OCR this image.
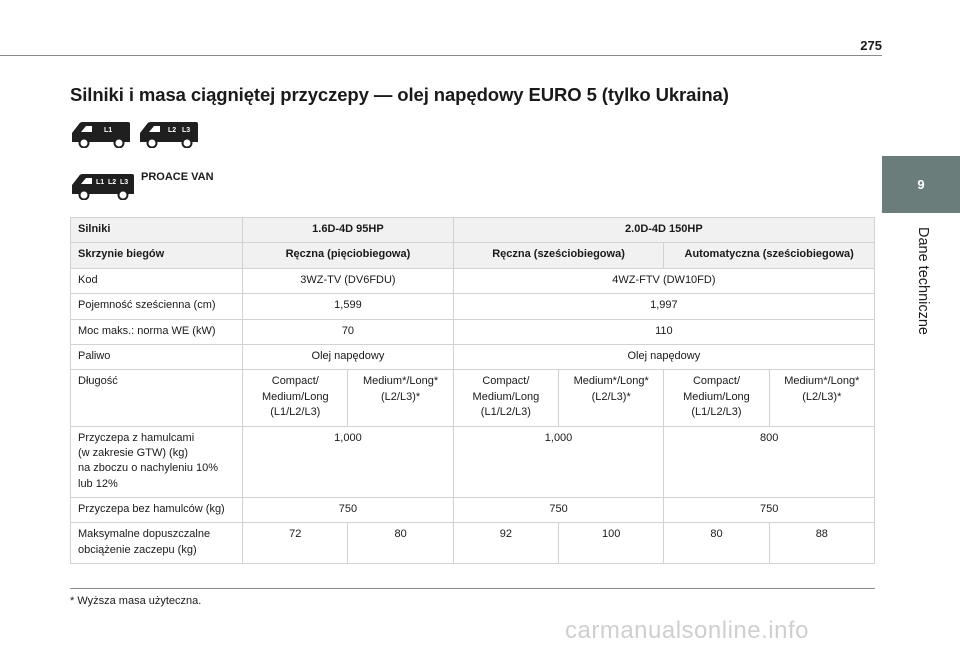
275
Silniki i masa ciągniętej przyczepy — olej napędowy EURO 5 (tylko Ukraina)
9
Dane techniczne
L1	L2 L3
L1 L2 L3 PROACE VAN
Silniki	1.6D-4D 95HP		2.0D-4D 150HP			
Skrzynie biegów	Ręczna (pięciobiegowa)		Ręczna (sześciobiegowa)		Automatyczna (sześciobiegowa)	
Kod	3WZ-TV (DV6FDU)		4WZ-FTV (DW10FD)			
Pojemność sześcienna (cm)	1,599		1,997			
Moc maks.: norma WE (kW)	70		110			
Paliwo	Olej napędowy		Olej napędowy			
Długość	Compact/
Medium/Long
(L1/L2/L3)	Medium*/Long*
(L2/L3)*	Compact/
Medium/Long
(L1/L2/L3)	Medium*/Long*
(L2/L3)*	Compact/
Medium/Long
(L1/L2/L3)	Medium*/Long*
(L2/L3)*
Przyczepa z hamulcami
(w zakresie GTW) (kg)
na zboczu o nachyleniu 10%
lub 12%	1,000		1,000		800	
Przyczepa bez hamulców (kg)	750		750		750	
Maksymalne dopuszczalne
obciążenie zaczepu (kg)	72	80	92	100	80	88
* Wyższa masa użyteczna.
carmanualsonline.info
